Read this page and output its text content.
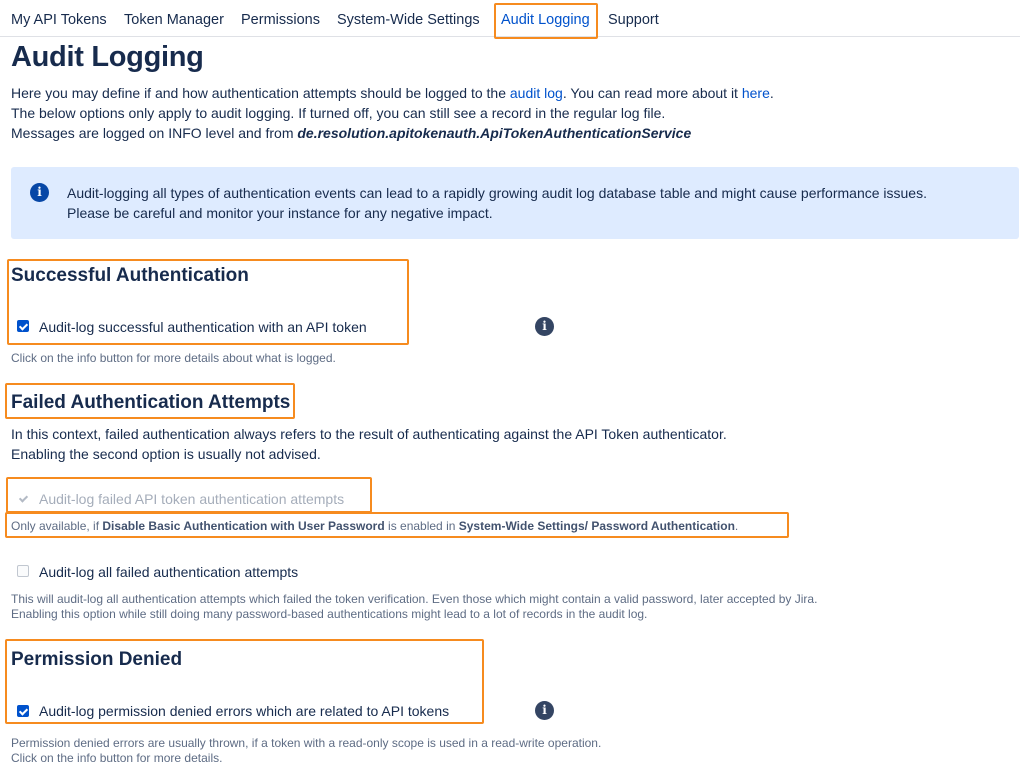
My API Tokens Token Manager Permissions System-Wide Settings Audit Logging Support
Audit Logging
Here you may define if and how authentication attempts should be logged to the audit log. You can read more about it here.
The below options only apply to audit logging. If turned off, you can still see a record in the regular log file.
Messages are logged on INFO level and from de.resolution.apitokenauth.ApiTokenAuthenticationService
i	Audit-logging all types of authentication events can lead to a rapidly growing audit log database table and might cause performance issues.
Please be careful and monitor your instance for any negative impact.
Successful Authentication
Audit-log successful authentication with an API token	i
Click on the info button for more details about what is logged.
Failed Authentication Attempts
In this context, failed authentication always refers to the result of authenticating against the API Token authenticator.
Enabling the second option is usually not advised.
Audit-log failed API token authentication attempts
Only available, if Disable Basic Authentication with User Password is enabled in System-Wide Settings/ Password Authentication.
Audit-log all failed authentication attempts
This will audit-log all authentication attempts which failed the token verification. Even those which might contain a valid password, later accepted by Jira.
Enabling this option while still doing many password-based authentications might lead to a lot of records in the audit log.
Permission Denied
Audit-log permission denied errors which are related to API tokens	i
Permission denied errors are usually thrown, if a token with a read-only scope is used in a read-write operation.
Click on the info button for more details.
